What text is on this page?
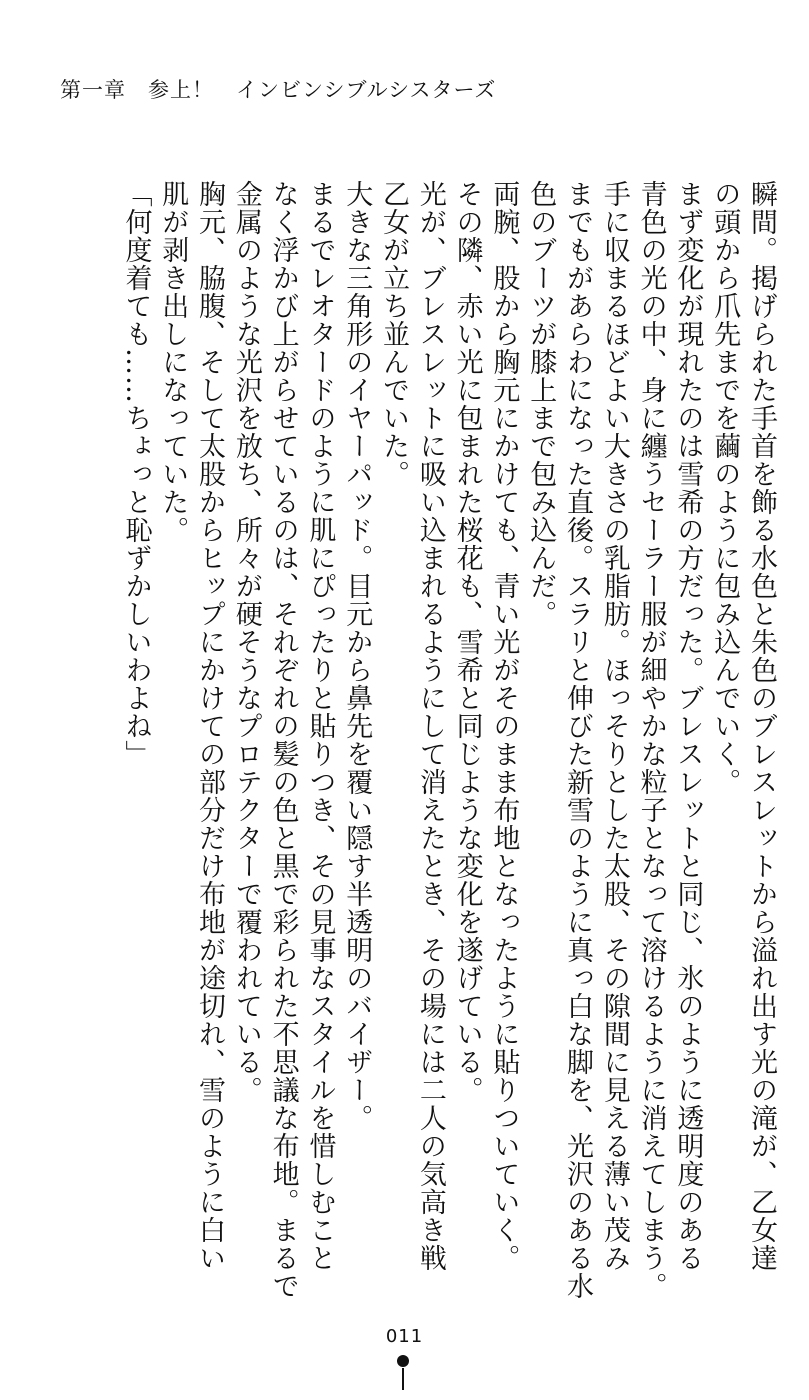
第一章 参上！ インビンシブルシスターズ

瞬間。掲げられた手首を飾る水色と朱色のブレスレットから溢れ出す光の滝が、乙女達

の頭から爪先までを繭のように包み込んでいく。

まず変化が現れたのは雪希の方だった。ブレスレットと同じ、氷のように透明度のある

青色の光の中、身に纏うセーラー服が細やかな粒子となって溶けるように消えてしまう。

手に収まるほどよい大きさの乳脂肪。ほっそりとした太股、その隙間に見える薄い茂み

までもがあらわになった直後。スラリと伸びた新雪のように真っ白な脚を、光沢のある水

色のブーツが膝上まで包み込んだ。

両腕、股から胸元にかけても、青い光がそのまま布地となったように貼りついていく。

その隣、赤い光に包まれた桜花も、雪希と同じような変化を遂げている。

光が、ブレスレットに吸い込まれるようにして消えたとき、その場には二人の気高き戦

乙女が立ち並んでいた。

大きな三角形のイヤーパッド。目元から鼻先を覆い隠す半透明のバイザー。

まるでレオタードのように肌にぴったりと貼りつき、その見事なスタイルを惜しむこと

なく浮かび上がらせているのは、それぞれの髪の色と黒で彩られた不思議な布地。まるで

金属のような光沢を放ち、所々が硬そうなプロテクターで覆われている。

胸元、脇腹、そして太股からヒップにかけての部分だけ布地が途切れ、雪のように白い

肌が剥き出しになっていた。

「何度着ても……ちょっと恥ずかしいわよね」

011
